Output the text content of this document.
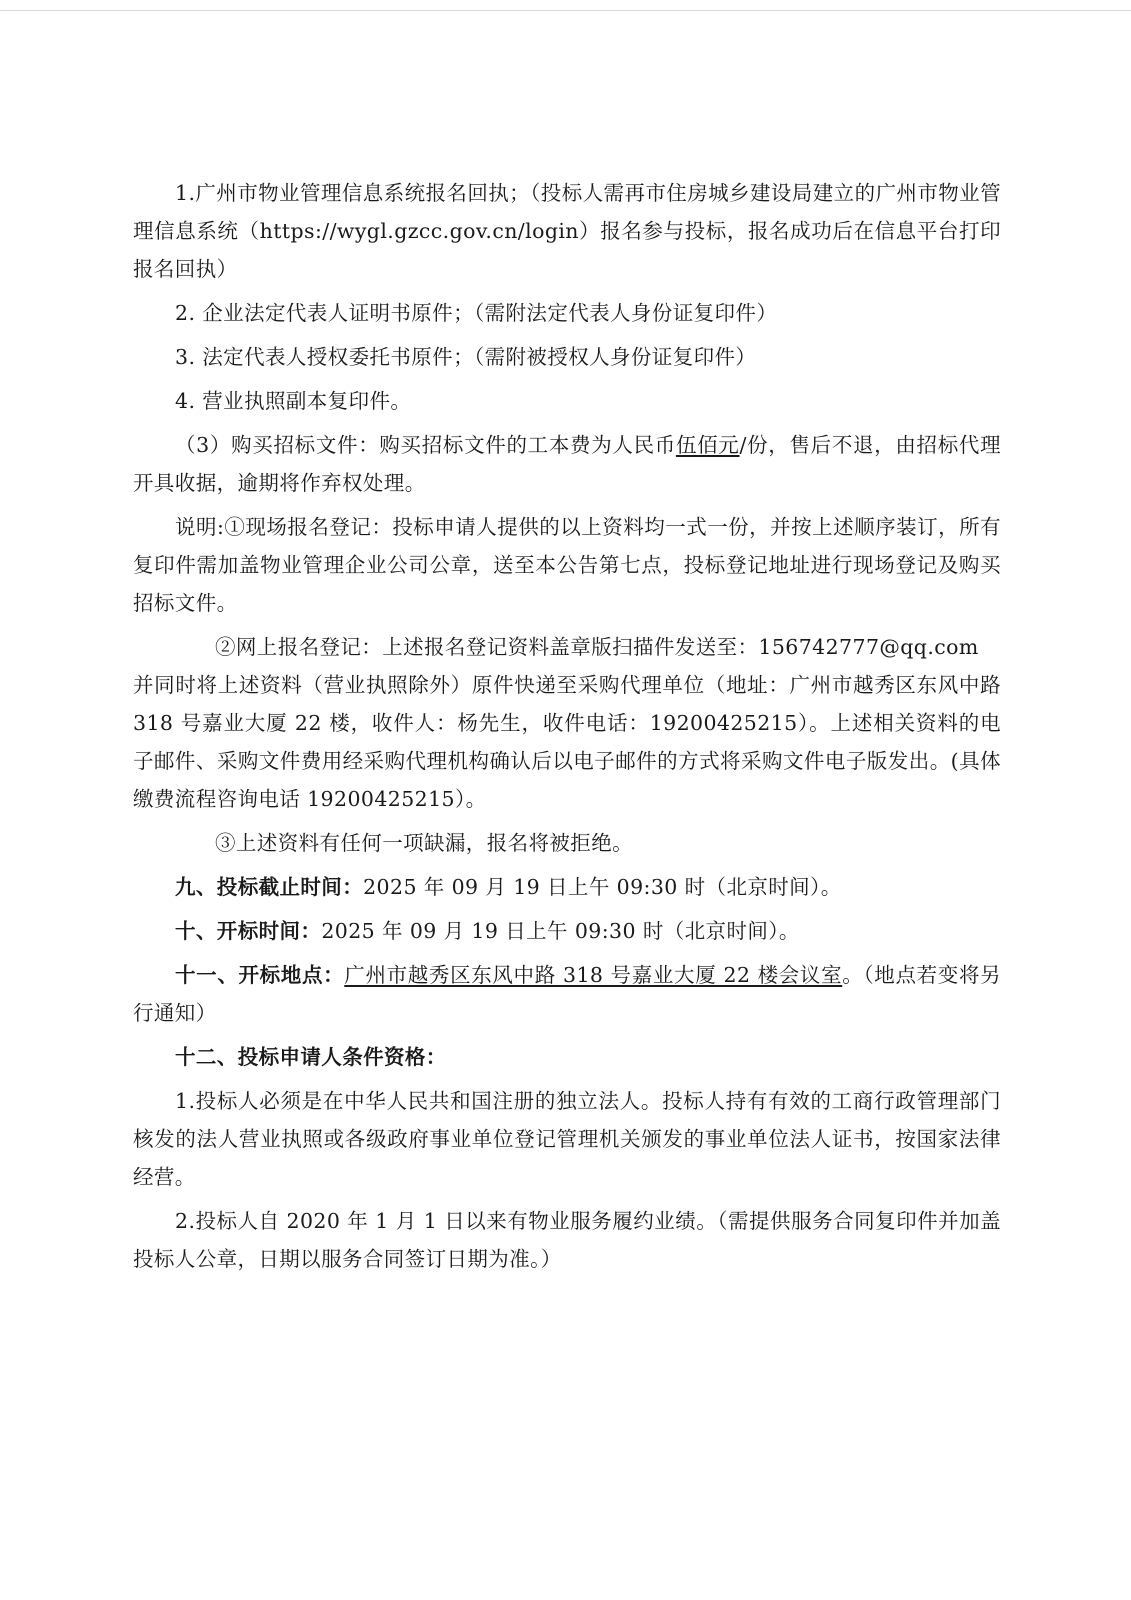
1.广州市物业管理信息系统报名回执；（投标人需再市住房城乡建设局建立的广州市物业管理信息系统（https://wygl.gzcc.gov.cn/login）报名参与投标，报名成功后在信息平台打印报名回执）

2. 企业法定代表人证明书原件；（需附法定代表人身份证复印件）

3. 法定代表人授权委托书原件；（需附被授权人身份证复印件）

4. 营业执照副本复印件。

（3）购买招标文件：购买招标文件的工本费为人民币伍佰元/份，售后不退，由招标代理开具收据，逾期将作弃权处理。

说明:①现场报名登记：投标申请人提供的以上资料均一式一份，并按上述顺序装订，所有复印件需加盖物业管理企业公司公章，送至本公告第七点，投标登记地址进行现场登记及购买招标文件。

②网上报名登记：上述报名登记资料盖章版扫描件发送至：156742777@qq.com
并同时将上述资料（营业执照除外）原件快递至采购代理单位（地址：广州市越秀区东风中路 318 号嘉业大厦 22 楼，收件人：杨先生，收件电话：19200425215）。上述相关资料的电子邮件、采购文件费用经采购代理机构确认后以电子邮件的方式将采购文件电子版发出。(具体缴费流程咨询电话 19200425215）。

③上述资料有任何一项缺漏，报名将被拒绝。

九、投标截止时间：2025 年 09 月 19 日上午 09:30 时（北京时间）。

十、开标时间：2025 年 09 月 19 日上午 09:30 时（北京时间）。

十一、开标地点：广州市越秀区东风中路 318 号嘉业大厦 22 楼会议室。（地点若变将另行通知）

十二、投标申请人条件资格：

1.投标人必须是在中华人民共和国注册的独立法人。投标人持有有效的工商行政管理部门核发的法人营业执照或各级政府事业单位登记管理机关颁发的事业单位法人证书，按国家法律经营。

2.投标人自 2020 年 1 月 1 日以来有物业服务履约业绩。（需提供服务合同复印件并加盖投标人公章，日期以服务合同签订日期为准。）
